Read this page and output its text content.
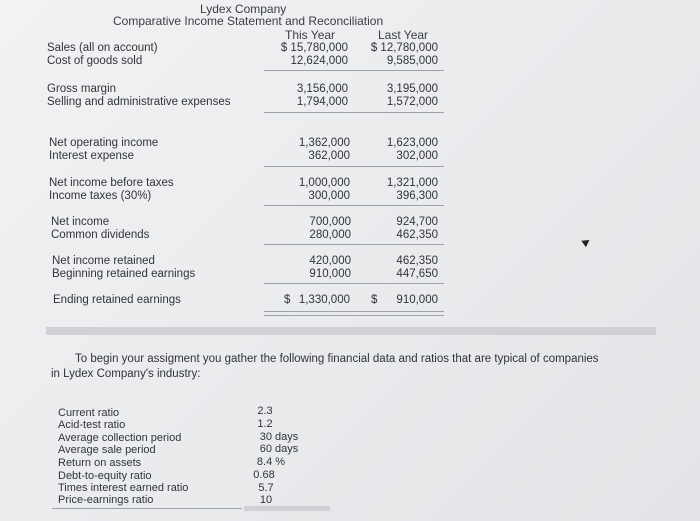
Lydex Company
Comparative Income Statement and Reconciliation
This Year	Last Year
Sales (all on account)
Cost of goods sold
Gross margin
Selling and administrative expenses
Net operating income
Interest expense
Net income before taxes
Income taxes (30%)
Net income
Common dividends
Net income retained
Beginning retained earnings
Ending retained earnings
$ 15,780,000
12,624,000
3,156,000
1,794,000
1,362,000
362,000
1,000,000
300,000
700,000
280,000
420,000
910,000
$ 1,330,000
$ 12,780,000
9,585,000
3,195,000
1,572,000
1,623,000
302,000
1,321,000
396,300
924,700
462,350
462,350
447,650
$	910,000
To begin your assigment you gather the following financial data and ratios that are typical of companies
in Lydex Company's industry:
Current ratio
Acid-test ratio
Average collection period
Average sale period
Return on assets
Debt-to-equity ratio
Times interest earned ratio
Price-earnings ratio
2.3
1.2
30 days
60 days
8.4 %
0.68
5.7
10
